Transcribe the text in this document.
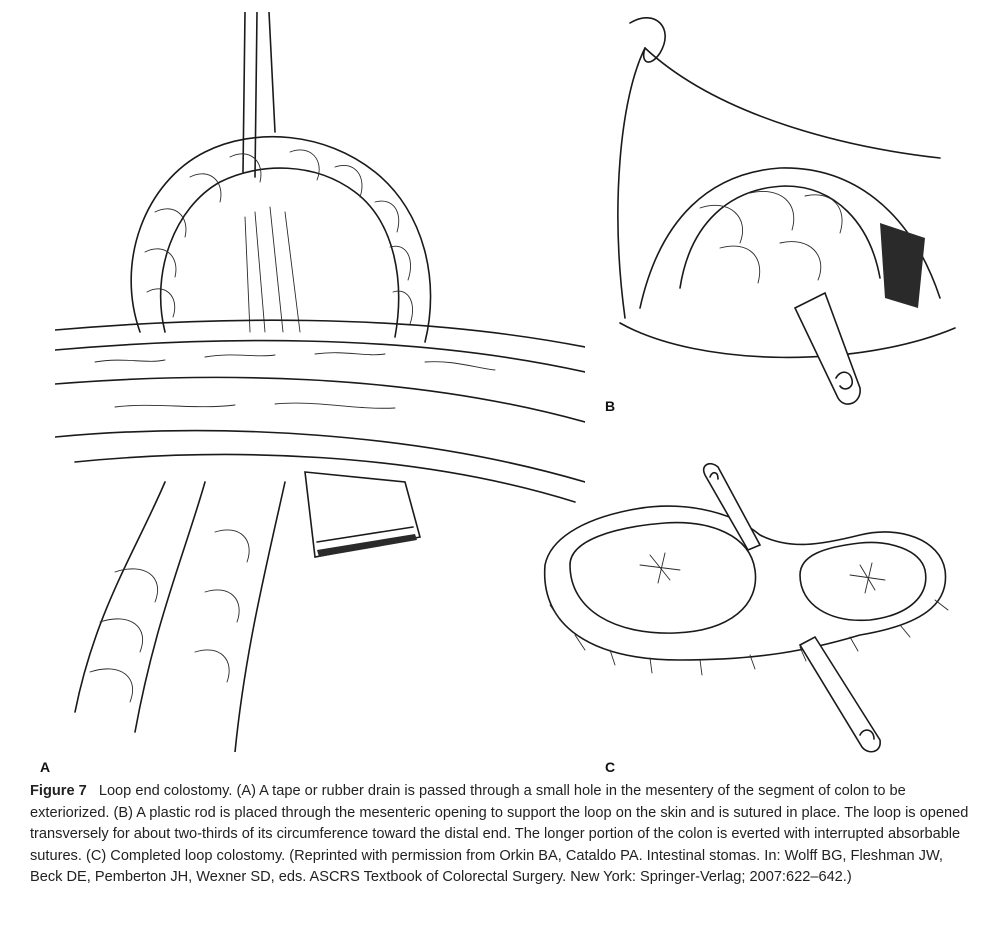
A
B
C
Figure 7 Loop end colostomy. (A) A tape or rubber drain is passed through a small hole in the mesentery of the segment of colon to be exteriorized. (B) A plastic rod is placed through the mesenteric opening to support the loop on the skin and is sutured in place. The loop is opened transversely for about two-thirds of its circumference toward the distal end. The longer portion of the colon is everted with interrupted absorbable sutures. (C) Completed loop colostomy. (Reprinted with permission from Orkin BA, Cataldo PA. Intestinal stomas. In: Wolff BG, Fleshman JW, Beck DE, Pemberton JH, Wexner SD, eds. ASCRS Textbook of Colorectal Surgery. New York: Springer-Verlag; 2007:622–642.)
